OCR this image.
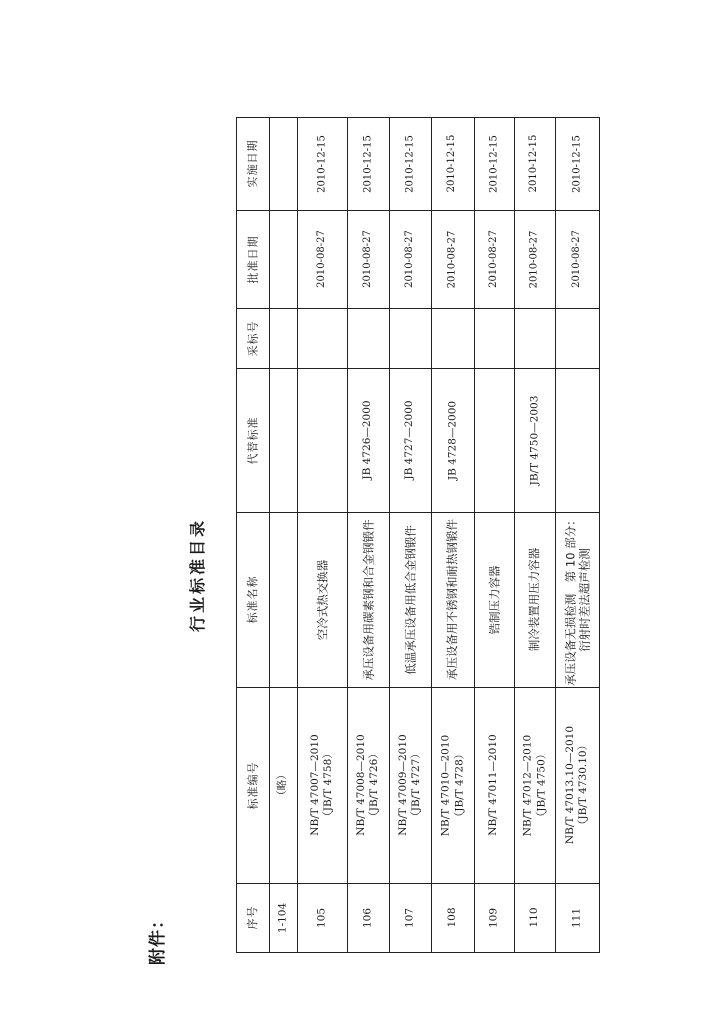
附件：
行业标准目录
序号
标准编号
标准名称
代替标准
采标号
批准日期
实施日期
1-104
（略）
105
NB/T 47007—2010 （JB/T 4758）
空冷式热交换器
2010-08-27
2010-12-15
106
NB/T 47008—2010 （JB/T 4726）
承压设备用碳素钢和合金钢锻件
JB 4726—2000
2010-08-27
2010-12-15
107
NB/T 47009—2010 （JB/T 4727）
低温承压设备用低合金钢锻件
JB 4727—2000
2010-08-27
2010-12-15
108
NB/T 47010—2010 （JB/T 4728）
承压设备用不锈钢和耐热钢锻件
JB 4728—2000
2010-08-27
2010-12-15
109
NB/T 47011—2010
锆制压力容器
2010-08-27
2010-12-15
110
NB/T 47012—2010 （JB/T 4750）
制冷装置用压力容器
JB/T 4750—2003
2010-08-27
2010-12-15
111
NB/T 47013.10—2010 （JB/T 4730.10）
承压设备无损检测　第 10 部分： 衍射时差法超声检测
2010-08-27
2010-12-15
